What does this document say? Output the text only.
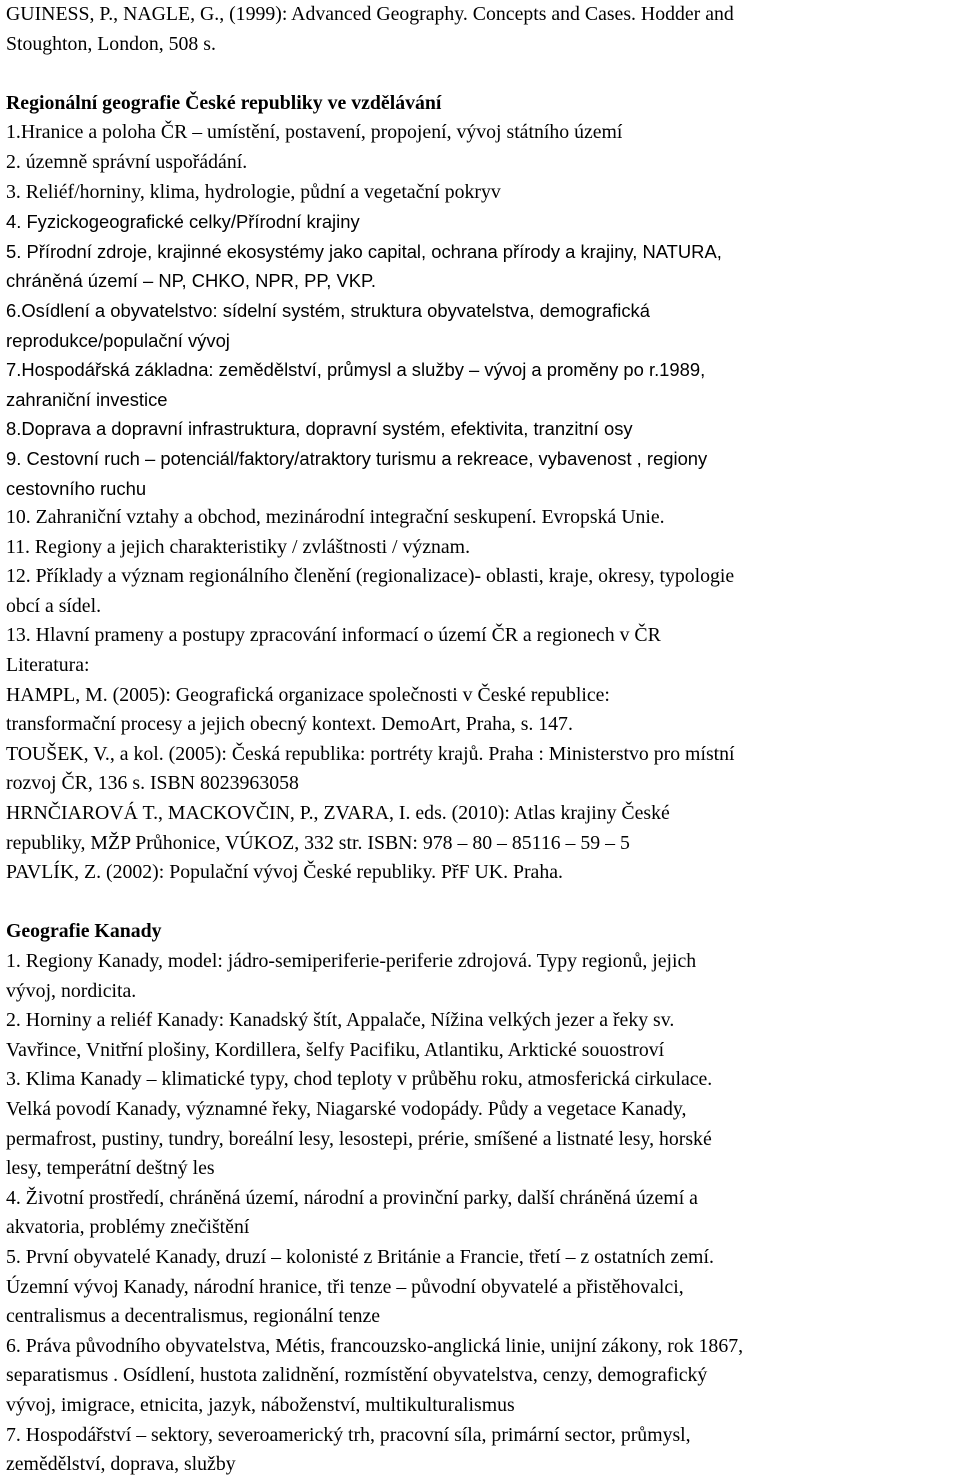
GUINESS, P., NAGLE, G., (1999): Advanced Geography. Concepts and Cases. Hodder and
Stoughton, London, 508 s.
Regionální geografie České republiky ve vzdělávání
1.Hranice a poloha ČR – umístění, postavení, propojení, vývoj státního území
2. územně správní uspořádání.
3. Reliéf/horniny, klima, hydrologie, půdní a vegetační pokryv
4. Fyzickogeografické celky/Přírodní krajiny
5. Přírodní zdroje, krajinné ekosystémy jako capital, ochrana přírody a krajiny, NATURA,
chráněná území – NP, CHKO, NPR, PP, VKP.
6.Osídlení a obyvatelstvo: sídelní systém, struktura obyvatelstva, demografická
reprodukce/populační vývoj
7.Hospodářská základna: zemědělství, průmysl a služby – vývoj a proměny po r.1989,
zahraniční investice
8.Doprava a dopravní infrastruktura, dopravní systém, efektivita, tranzitní osy
9. Cestovní ruch – potenciál/faktory/atraktory turismu a rekreace, vybavenost , regiony
cestovního ruchu
10. Zahraniční vztahy a obchod, mezinárodní integrační seskupení. Evropská Unie.
11. Regiony a jejich charakteristiky / zvláštnosti / význam.
12. Příklady a význam regionálního členění (regionalizace)- oblasti, kraje, okresy, typologie
obcí a sídel.
13. Hlavní prameny a postupy zpracování informací o území ČR a regionech v ČR
Literatura:
HAMPL, M. (2005): Geografická organizace společnosti v České republice:
transformační procesy a jejich obecný kontext. DemoArt, Praha, s. 147.
TOUŠEK, V., a kol. (2005): Česká republika: portréty krajů. Praha : Ministerstvo pro místní
rozvoj ČR, 136 s. ISBN 8023963058
HRNČIAROVÁ T., MACKOVČIN, P., ZVARA, I. eds. (2010): Atlas krajiny České
republiky, MŽP Průhonice, VÚKOZ, 332 str. ISBN: 978 – 80 – 85116 – 59 – 5
PAVLÍK, Z. (2002): Populační vývoj České republiky. PřF UK. Praha.
Geografie Kanady
1. Regiony Kanady, model: jádro-semiperiferie-periferie zdrojová. Typy regionů, jejich
vývoj, nordicita.
2. Horniny a reliéf Kanady: Kanadský štít, Appalače, Nížina velkých jezer a řeky sv.
Vavřince, Vnitřní plošiny, Kordillera, šelfy Pacifiku, Atlantiku, Arktické souostroví
3. Klima Kanady – klimatické typy, chod teploty v průběhu roku, atmosferická cirkulace.
Velká povodí Kanady, významné řeky, Niagarské vodopády. Půdy a vegetace Kanady,
permafrost, pustiny, tundry, boreální lesy, lesostepi, prérie, smíšené a listnaté lesy, horské
lesy, temperátní deštný les
4. Životní prostředí, chráněná území, národní a provinční parky, další chráněná území a
akvatoria, problémy znečištění
5. První obyvatelé Kanady, druzí – kolonisté z Británie a Francie, třetí – z ostatních zemí.
Územní vývoj Kanady, národní hranice, tři tenze – původní obyvatelé a přistěhovalci,
centralismus a decentralismus, regionální tenze
6. Práva původního obyvatelstva, Métis, francouzsko-anglická linie, unijní zákony, rok 1867,
separatismus . Osídlení, hustota zalidnění, rozmístění obyvatelstva, cenzy, demografický
vývoj, imigrace, etnicita, jazyk, náboženství, multikulturalismus
7. Hospodářství – sektory, severoamerický trh, pracovní síla, primární sector, průmysl,
zemědělství, doprava, služby
